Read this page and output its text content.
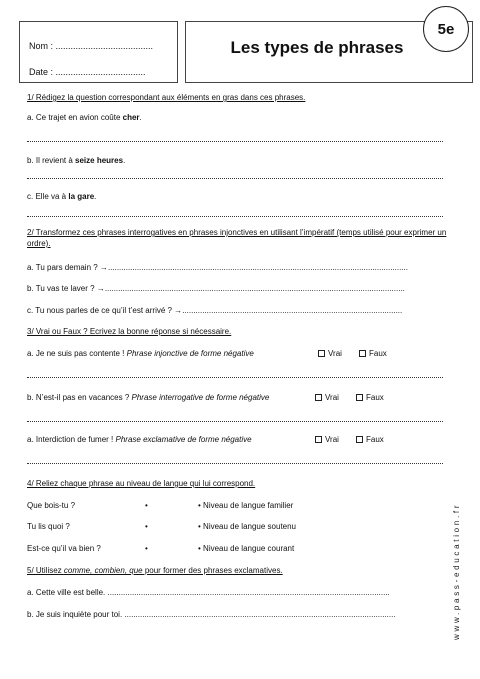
Nom : .......................................
Date : ....................................
Les types de phrases
5e
1/ Rédigez la question correspondant aux éléments en gras dans ces phrases.
a. Ce trajet en avion coûte cher.
b. Il revient à seize heures.
c. Elle va à la gare.
2/ Transformez ces phrases interrogatives en phrases injonctives en utilisant l’impératif (temps utilisé pour exprimer un ordre).
a. Tu pars demain ? →.......................................................................................................................................
b. Tu vas te laver ? →.......................................................................................................................................
c. Tu nous parles de ce qu’il t’est arrivé ? →...................................................................................................
3/ Vrai ou Faux ? Ecrivez la bonne réponse si nécessaire.
a. Je ne suis pas contente ! Phrase injonctive de forme négative	Vrai	Faux
b. N’est-il pas en vacances ? Phrase interrogative de forme négative	Vrai	Faux
a. Interdiction de fumer ! Phrase exclamative de forme négative	Vrai	Faux
4/ Reliez chaque phrase au niveau de langue qui lui correspond.
Que bois-tu ?	•	• Niveau de langue familier
Tu lis quoi ?	•	• Niveau de langue soutenu
Est-ce qu’il va bien ?	•	• Niveau de langue courant
5/ Utilisez comme, combien, que pour former des phrases exclamatives.
a. Cette ville est belle. ...............................................................................................................................
b. Je suis inquiète pour toi. ..........................................................................................................................	www.pass-education.fr
